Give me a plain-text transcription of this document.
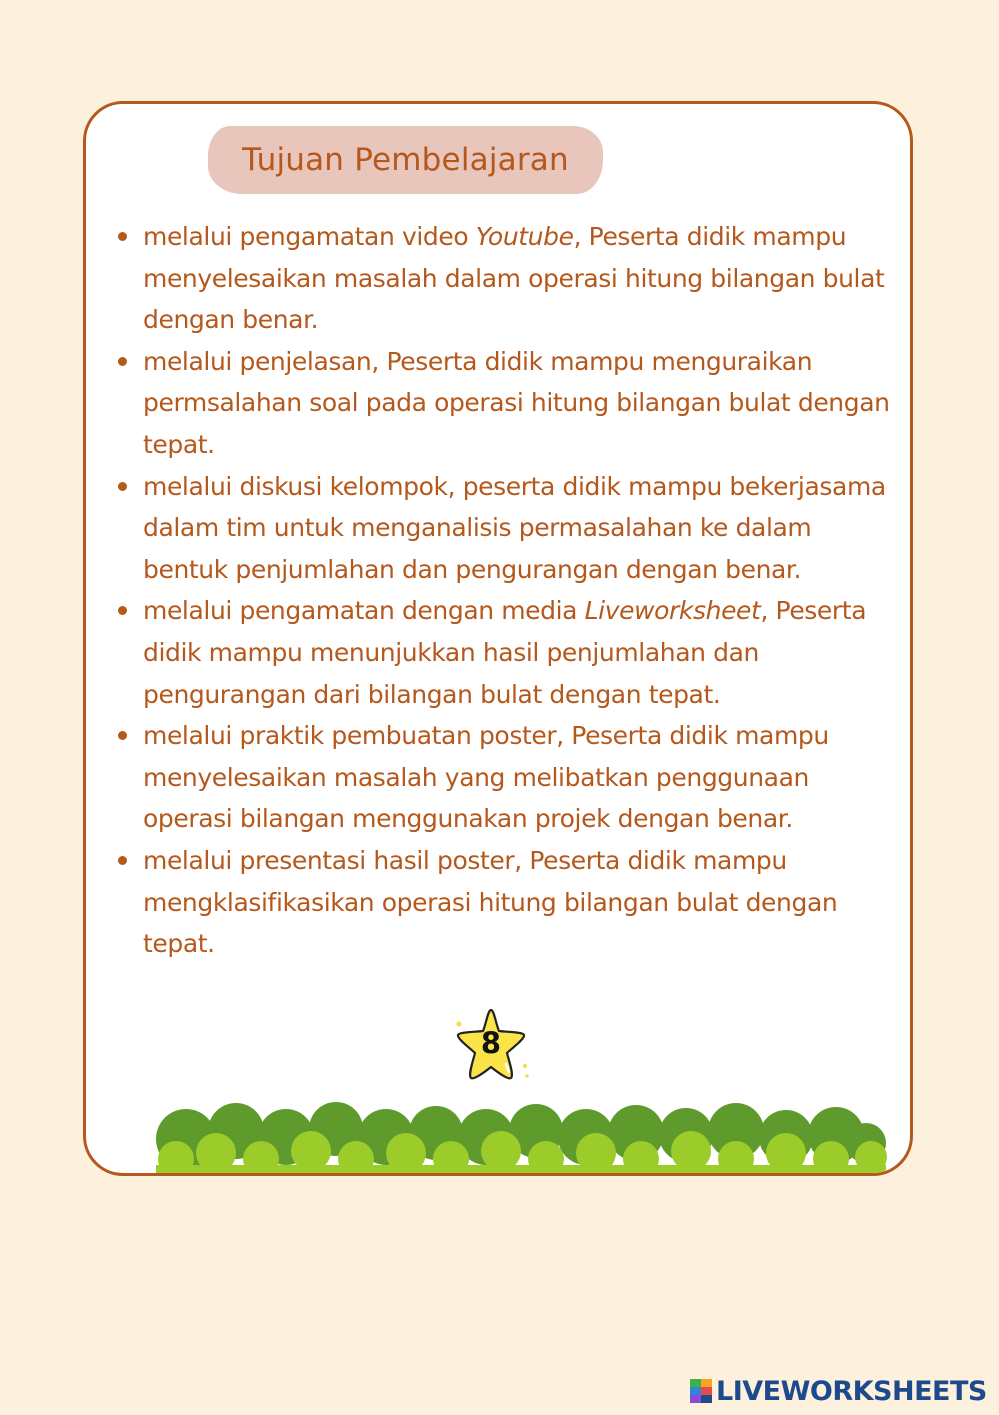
Tujuan Pembelajaran
melalui pengamatan video Youtube, Peserta didik mampu menyelesaikan masalah dalam operasi hitung bilangan bulat dengan benar.
melalui penjelasan, Peserta didik mampu menguraikan permsalahan soal pada operasi hitung bilangan bulat dengan tepat.
melalui diskusi kelompok, peserta didik mampu bekerjasama dalam tim untuk menganalisis permasalahan ke dalam bentuk penjumlahan dan pengurangan dengan benar.
melalui pengamatan dengan media Liveworksheet, Peserta didik mampu menunjukkan hasil penjumlahan dan pengurangan dari bilangan bulat dengan tepat.
melalui praktik pembuatan poster, Peserta didik mampu menyelesaikan masalah yang melibatkan penggunaan operasi bilangan menggunakan projek dengan benar.
melalui presentasi hasil poster, Peserta didik mampu mengklasifikasikan operasi hitung bilangan bulat dengan tepat.
8
LIVEWORKSHEETS
